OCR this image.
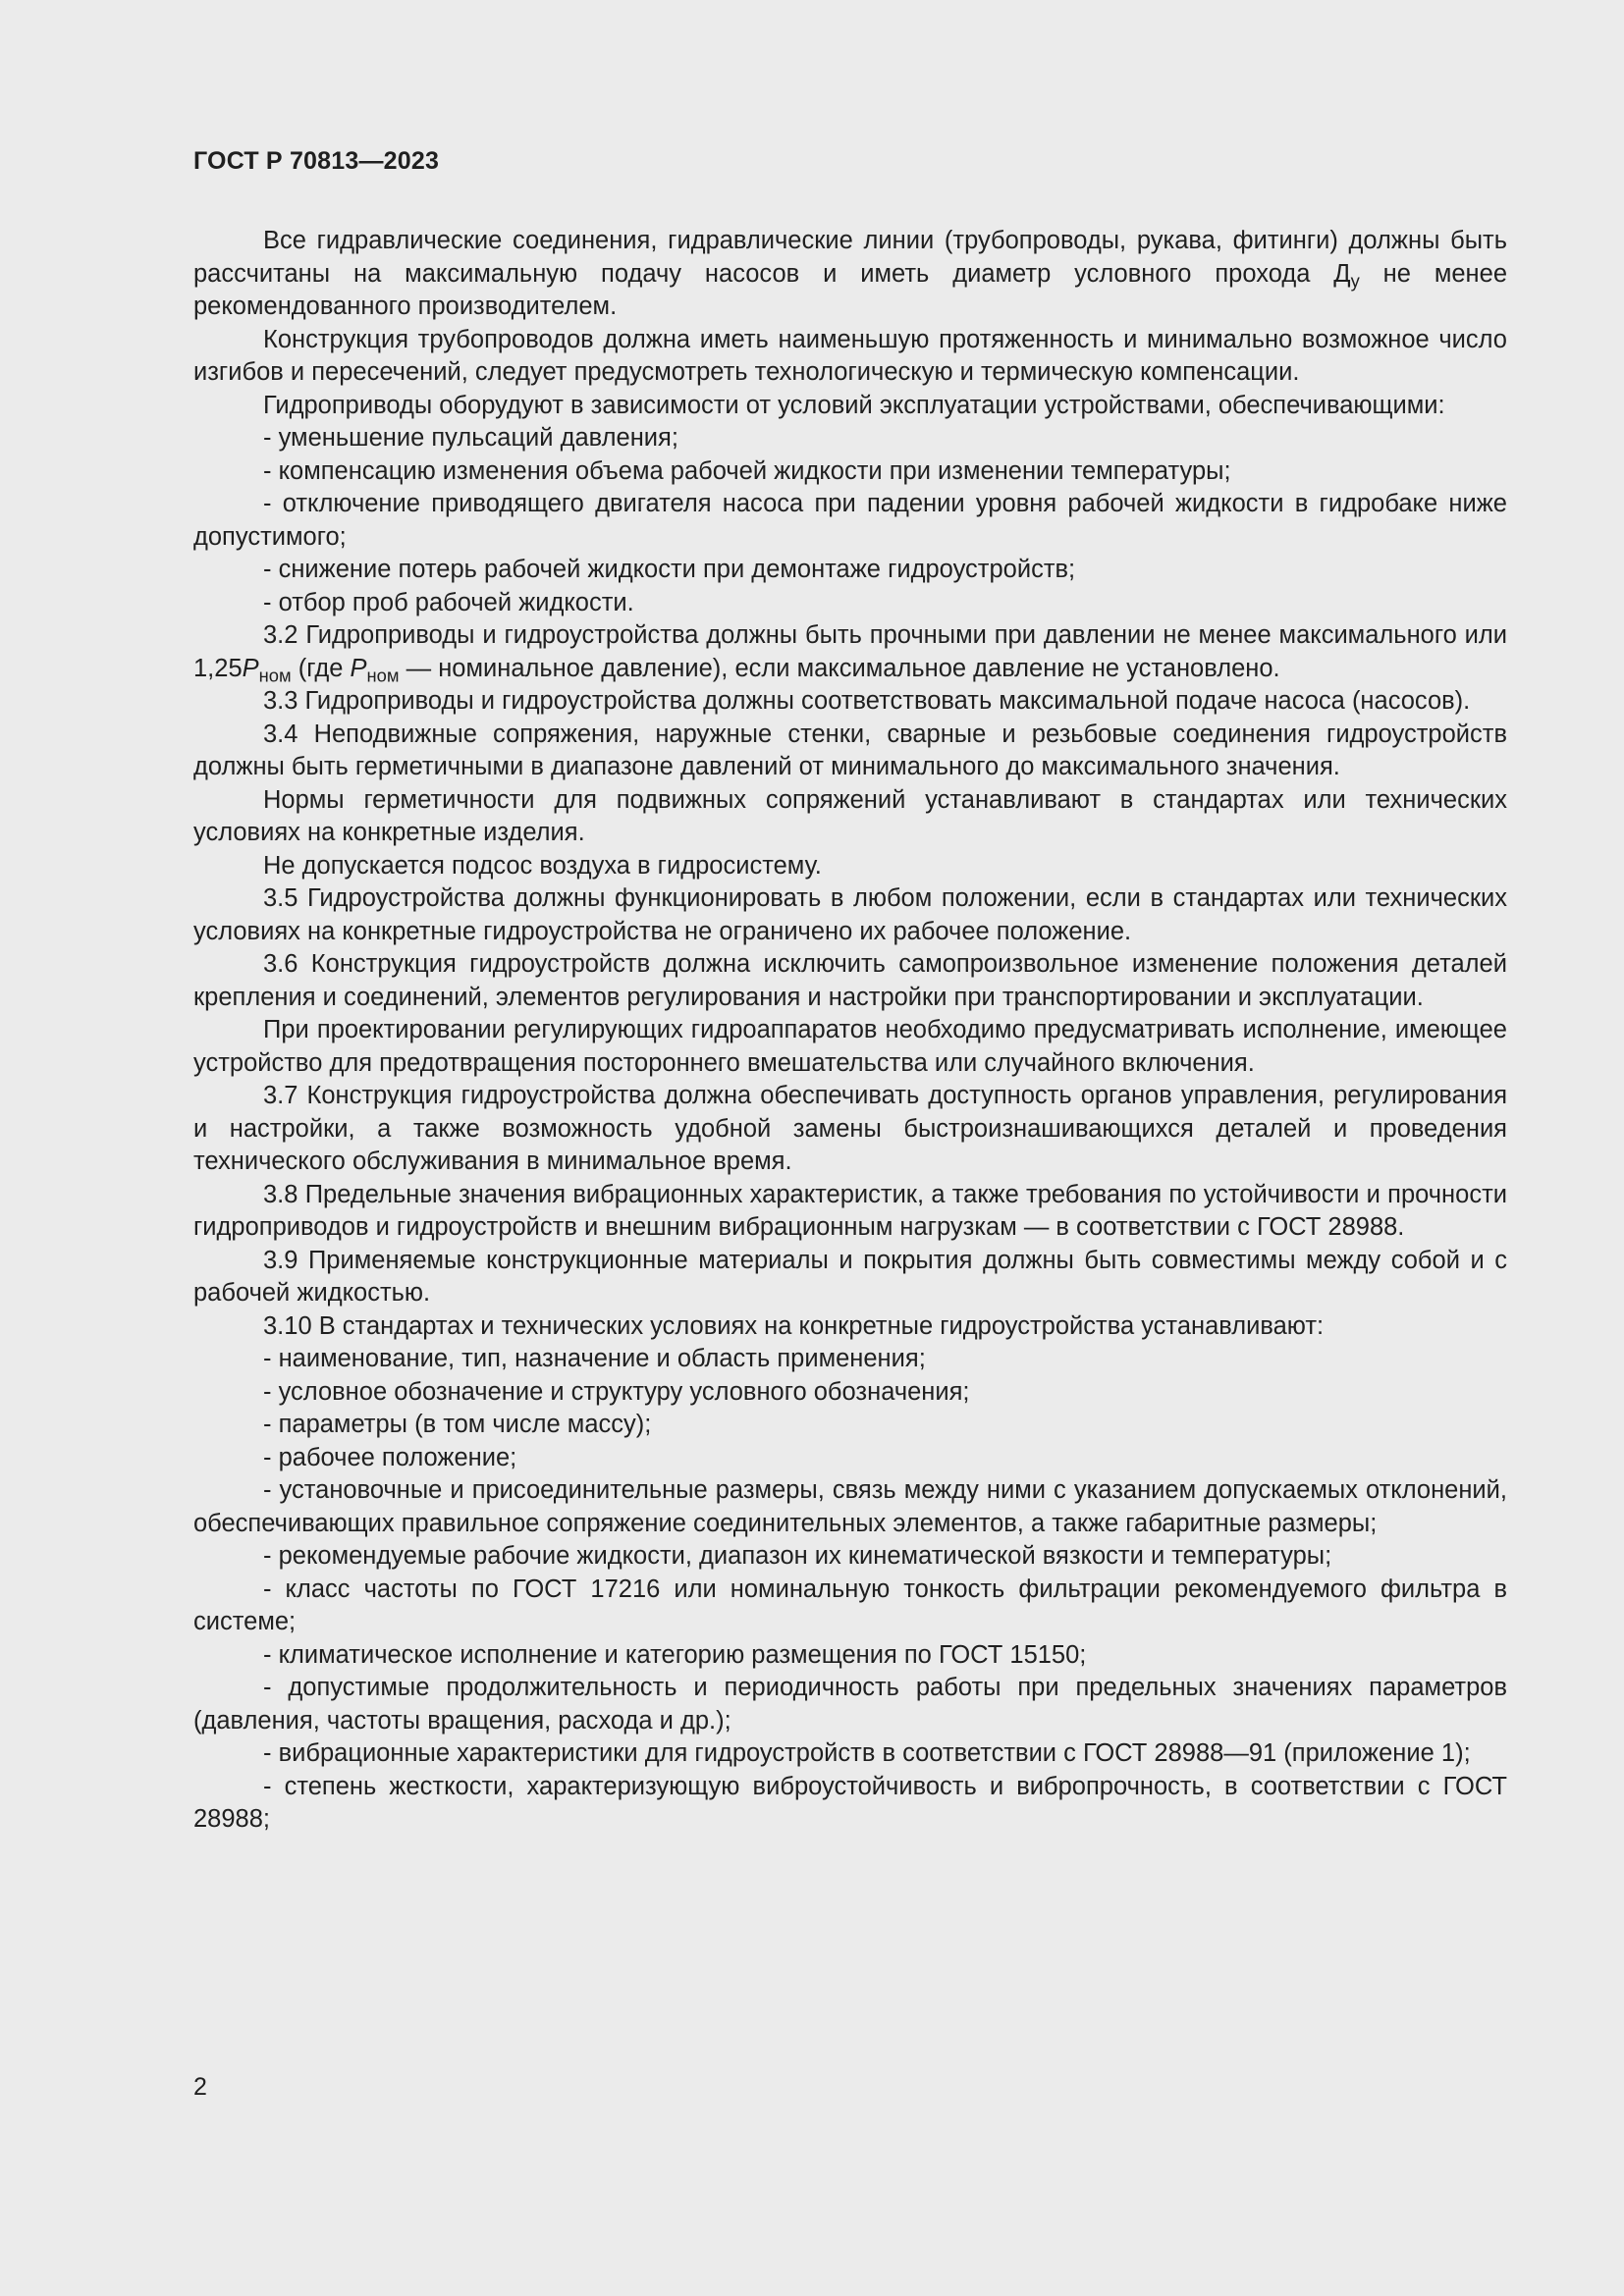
ГОСТ Р 70813—2023

Все гидравлические соединения, гидравлические линии (трубопроводы, рукава, фитинги) должны быть рассчитаны на максимальную подачу насосов и иметь диаметр условного прохода $Д_у$ не менее рекомендованного производителем.

Конструкция трубопроводов должна иметь наименьшую протяженность и минимально возможное число изгибов и пересечений, следует предусмотреть технологическую и термическую компенсации.

Гидроприводы оборудуют в зависимости от условий эксплуатации устройствами, обеспечивающими:

- уменьшение пульсаций давления;

- компенсацию изменения объема рабочей жидкости при изменении температуры;

- отключение приводящего двигателя насоса при падении уровня рабочей жидкости в гидробаке ниже допустимого;

- снижение потерь рабочей жидкости при демонтаже гидроустройств;

- отбор проб рабочей жидкости.

3.2 Гидроприводы и гидроустройства должны быть прочными при давлении не менее максимального или $1,25P_{ном}$ (где $P_{ном}$ — номинальное давление), если максимальное давление не установлено.

3.3 Гидроприводы и гидроустройства должны соответствовать максимальной подаче насоса (насосов).

3.4 Неподвижные сопряжения, наружные стенки, сварные и резьбовые соединения гидроустройств должны быть герметичными в диапазоне давлений от минимального до максимального значения.

Нормы герметичности для подвижных сопряжений устанавливают в стандартах или технических условиях на конкретные изделия.

Не допускается подсос воздуха в гидросистему.

3.5 Гидроустройства должны функционировать в любом положении, если в стандартах или технических условиях на конкретные гидроустройства не ограничено их рабочее положение.

3.6 Конструкция гидроустройств должна исключить самопроизвольное изменение положения деталей крепления и соединений, элементов регулирования и настройки при транспортировании и эксплуатации.

При проектировании регулирующих гидроаппаратов необходимо предусматривать исполнение, имеющее устройство для предотвращения постороннего вмешательства или случайного включения.

3.7 Конструкция гидроустройства должна обеспечивать доступность органов управления, регулирования и настройки, а также возможность удобной замены быстроизнашивающихся деталей и проведения технического обслуживания в минимальное время.

3.8 Предельные значения вибрационных характеристик, а также требования по устойчивости и прочности гидроприводов и гидроустройств и внешним вибрационным нагрузкам — в соответствии с ГОСТ 28988.

3.9 Применяемые конструкционные материалы и покрытия должны быть совместимы между собой и с рабочей жидкостью.

3.10 В стандартах и технических условиях на конкретные гидроустройства устанавливают:

- наименование, тип, назначение и область применения;

- условное обозначение и структуру условного обозначения;

- параметры (в том числе массу);

- рабочее положение;

- установочные и присоединительные размеры, связь между ними с указанием допускаемых отклонений, обеспечивающих правильное сопряжение соединительных элементов, а также габаритные размеры;

- рекомендуемые рабочие жидкости, диапазон их кинематической вязкости и температуры;

- класс частоты по ГОСТ 17216 или номинальную тонкость фильтрации рекомендуемого фильтра в системе;

- климатическое исполнение и категорию размещения по ГОСТ 15150;

- допустимые продолжительность и периодичность работы при предельных значениях параметров (давления, частоты вращения, расхода и др.);

- вибрационные характеристики для гидроустройств в соответствии с ГОСТ 28988—91 (приложение 1);

- степень жесткости, характеризующую виброустойчивость и вибропрочность, в соответствии с ГОСТ 28988;

2
